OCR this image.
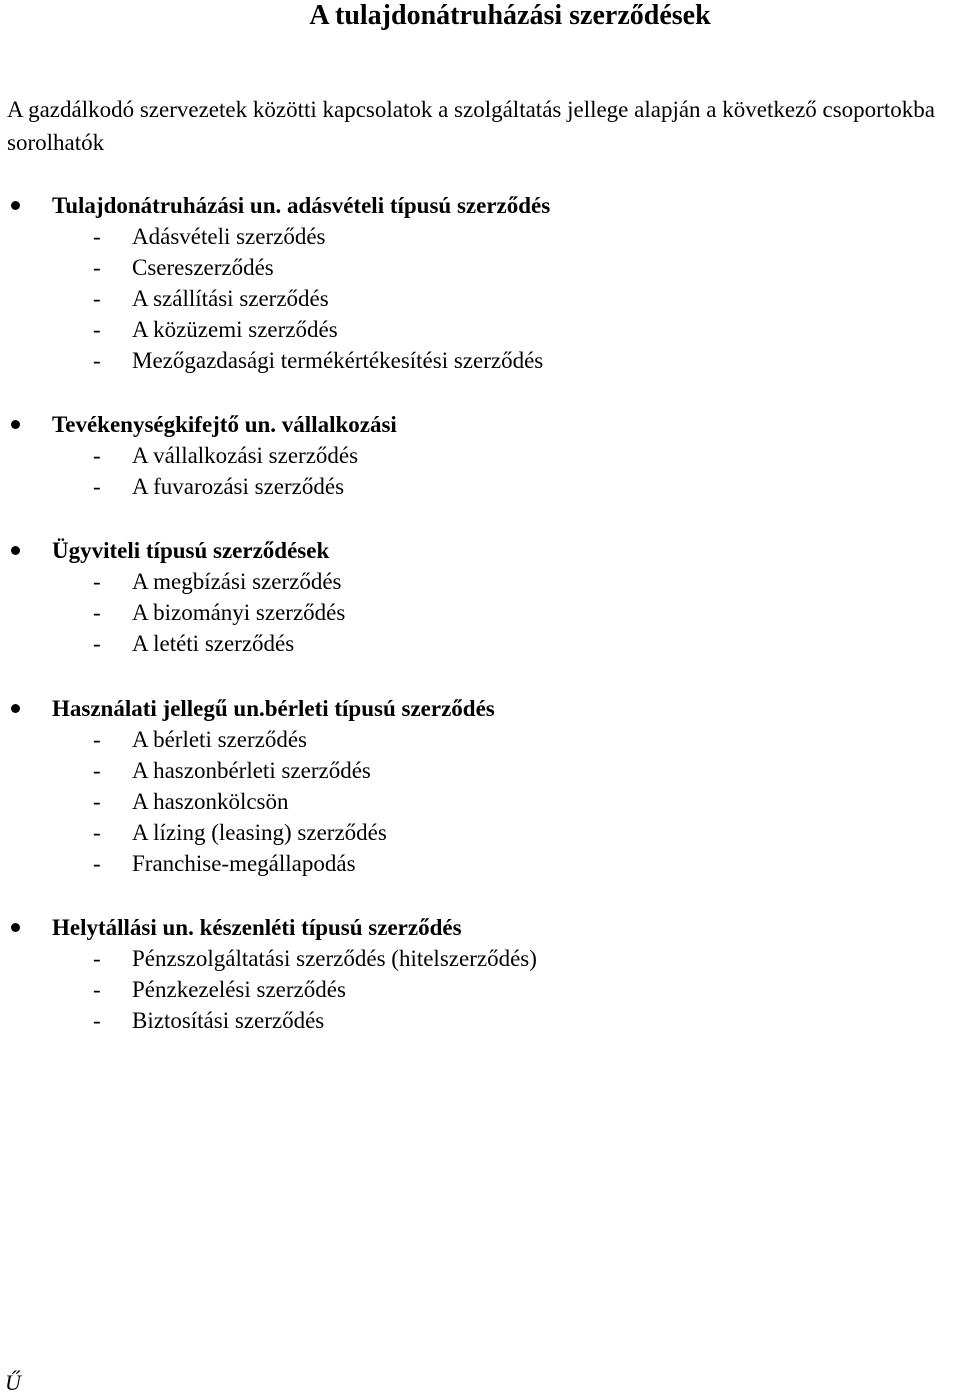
A tulajdonátruházási szerződések

A gazdálkodó szervezetek közötti kapcsolatok a szolgáltatás jellege alapján a következő csoportokba sorolhatók

Tulajdonátruházási un. adásvételi típusú szerződés
- Adásvételi szerződés
- Csereszerződés
- A szállítási szerződés
- A közüzemi szerződés
- Mezőgazdasági termékértékesítési szerződés
Tevékenységkifejtő un. vállalkozási
- A vállalkozási szerződés
- A fuvarozási szerződés
Ügyviteli típusú szerződések
- A megbízási szerződés
- A bizományi szerződés
- A letéti szerződés
Használati jellegű un.bérleti típusú szerződés
- A bérleti szerződés
- A haszonbérleti szerződés
- A haszonkölcsön
- A lízing (leasing) szerződés
- Franchise-megállapodás
Helytállási un. készenléti típusú szerződés
- Pénzszolgáltatási szerződés (hitelszerződés)
- Pénzkezelési szerződés
- Biztosítási szerződés
Ű
